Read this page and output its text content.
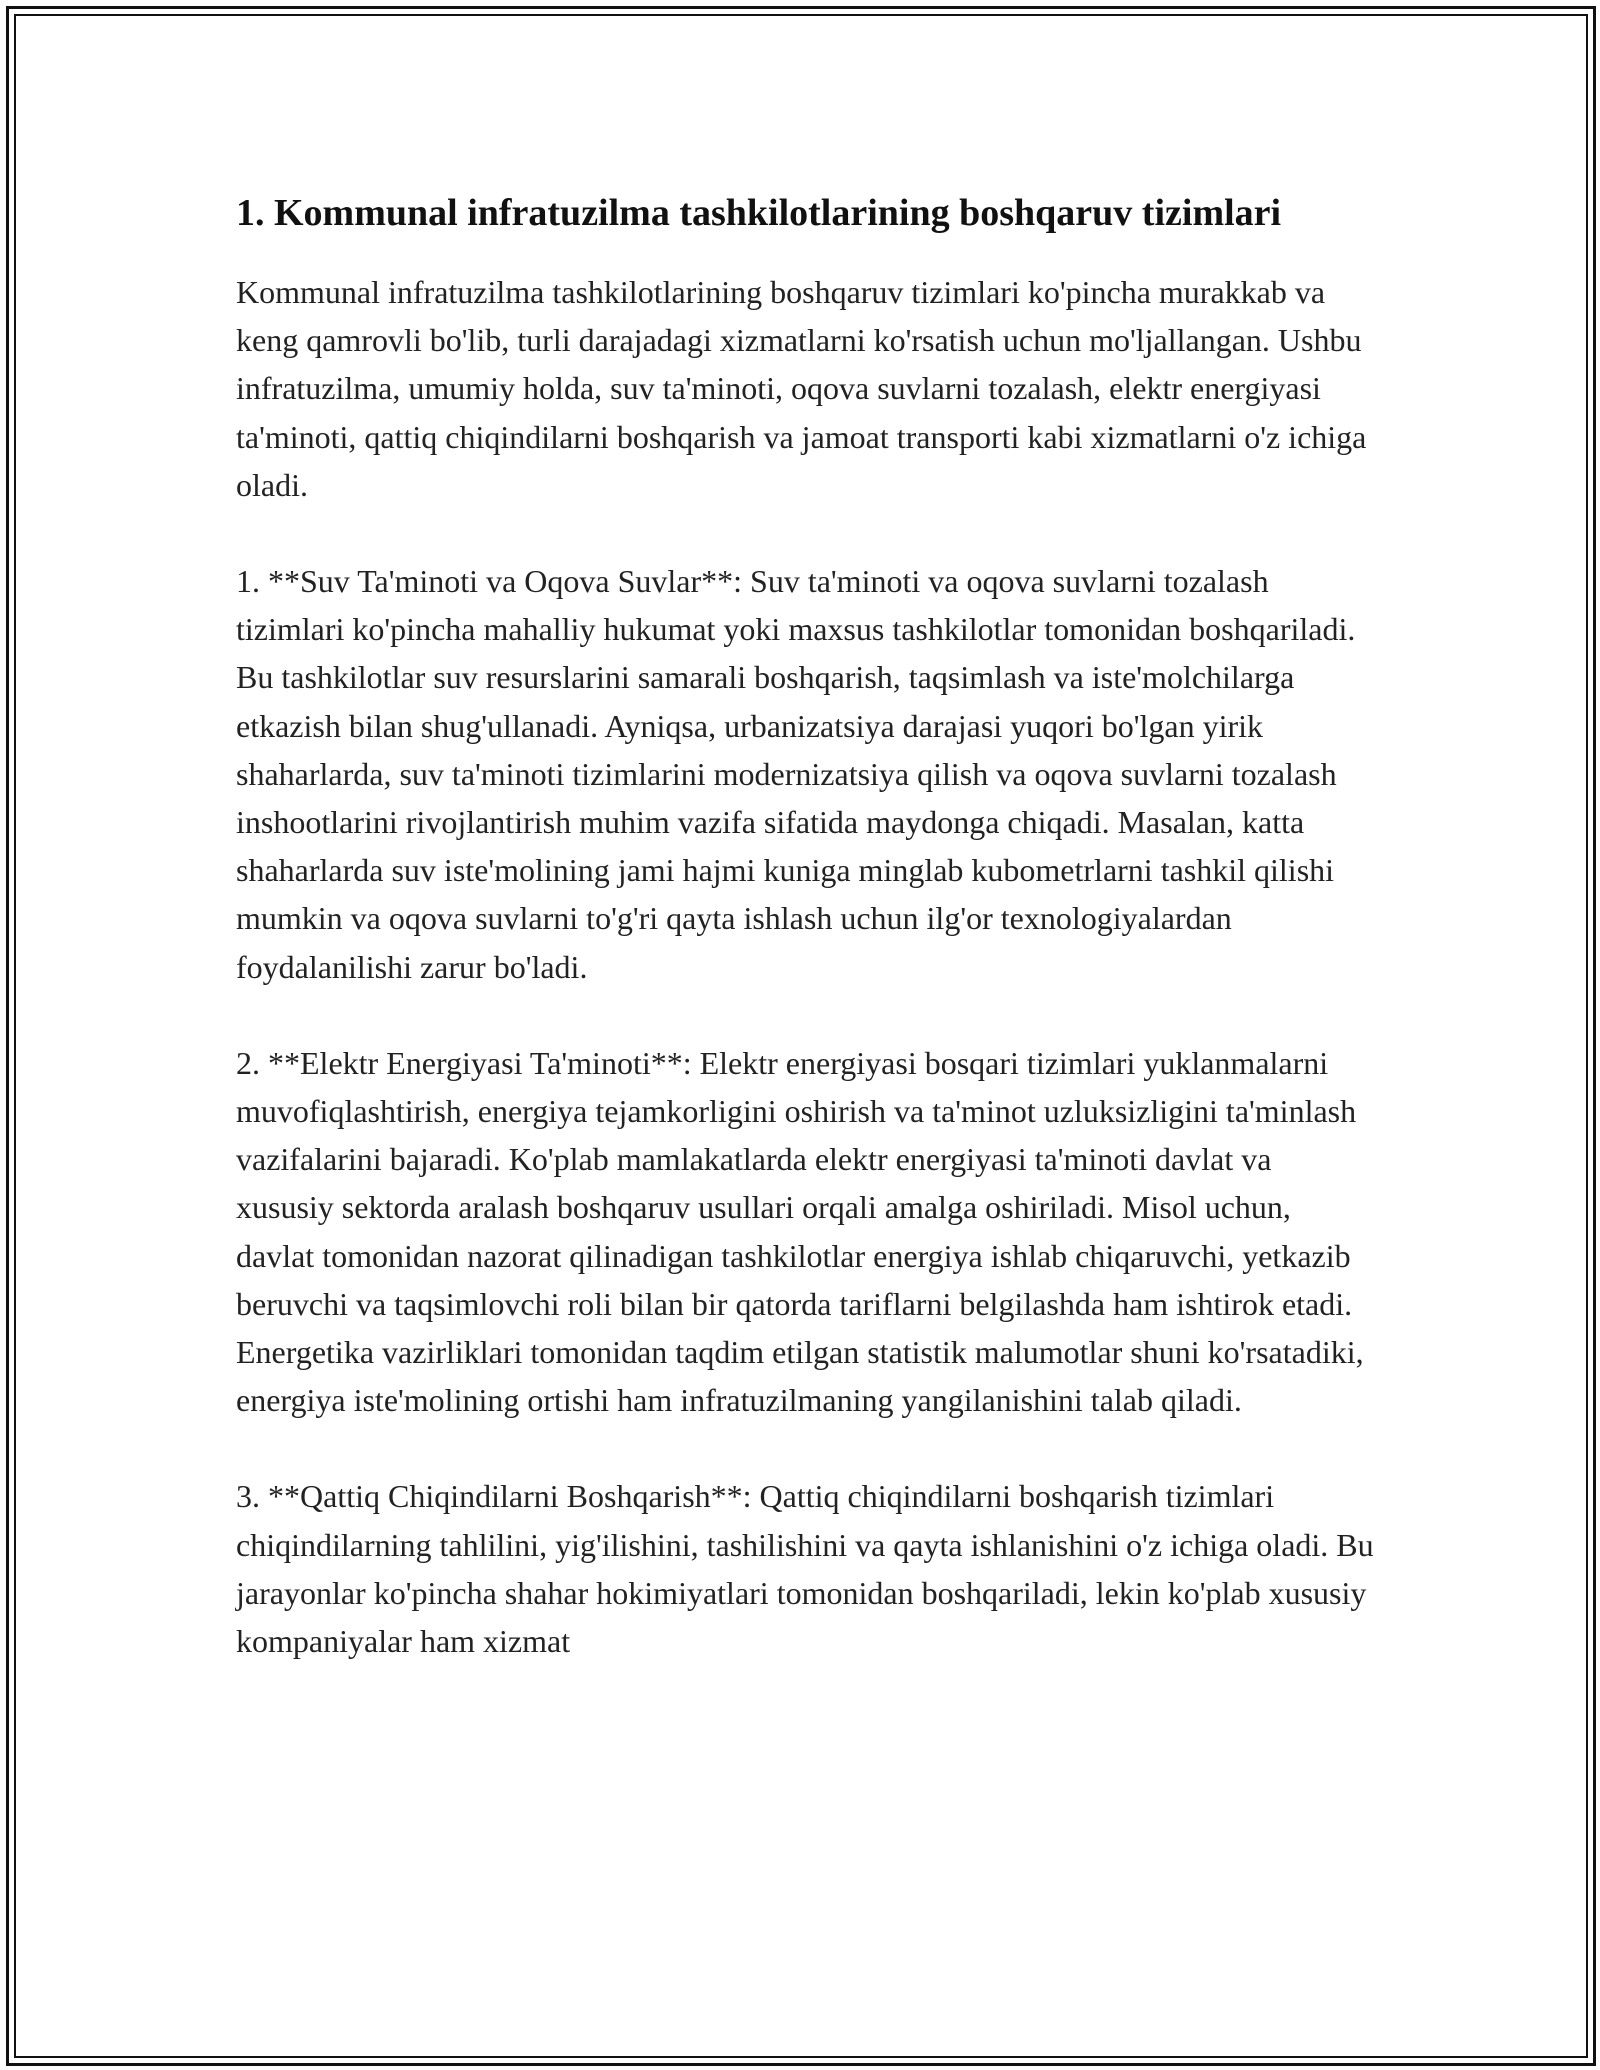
1. Kommunal infratuzilma tashkilotlarining boshqaruv tizimlari

Kommunal infratuzilma tashkilotlarining boshqaruv tizimlari ko'pincha murakkab va keng qamrovli bo'lib, turli darajadagi xizmatlarni ko'rsatish uchun mo'ljallangan. Ushbu infratuzilma, umumiy holda, suv ta'minoti, oqova suvlarni tozalash, elektr energiyasi ta'minoti, qattiq chiqindilarni boshqarish va jamoat transporti kabi xizmatlarni o'z ichiga oladi.

1. **Suv Ta'minoti va Oqova Suvlar**: Suv ta'minoti va oqova suvlarni tozalash tizimlari ko'pincha mahalliy hukumat yoki maxsus tashkilotlar tomonidan boshqariladi. Bu tashkilotlar suv resurslarini samarali boshqarish, taqsimlash va iste'molchilarga etkazish bilan shug'ullanadi. Ayniqsa, urbanizatsiya darajasi yuqori bo'lgan yirik shaharlarda, suv ta'minoti tizimlarini modernizatsiya qilish va oqova suvlarni tozalash inshootlarini rivojlantirish muhim vazifa sifatida maydonga chiqadi. Masalan, katta shaharlarda suv iste'molining jami hajmi kuniga minglab kubometrlarni tashkil qilishi mumkin va oqova suvlarni to'g'ri qayta ishlash uchun ilg'or texnologiyalardan foydalanilishi zarur bo'ladi.

2. **Elektr Energiyasi Ta'minoti**: Elektr energiyasi bosqari tizimlari yuklanmalarni muvofiqlashtirish, energiya tejamkorligini oshirish va ta'minot uzluksizligini ta'minlash vazifalarini bajaradi. Ko'plab mamlakatlarda elektr energiyasi ta'minoti davlat va xususiy sektorda aralash boshqaruv usullari orqali amalga oshiriladi. Misol uchun, davlat tomonidan nazorat qilinadigan tashkilotlar energiya ishlab chiqaruvchi, yetkazib beruvchi va taqsimlovchi roli bilan bir qatorda tariflarni belgilashda ham ishtirok etadi. Energetika vazirliklari tomonidan taqdim etilgan statistik malumotlar shuni ko'rsatadiki, energiya iste'molining ortishi ham infratuzilmaning yangilanishini talab qiladi.

3. **Qattiq Chiqindilarni Boshqarish**: Qattiq chiqindilarni boshqarish tizimlari chiqindilarning tahlilini, yig'ilishini, tashilishini va qayta ishlanishini o'z ichiga oladi. Bu jarayonlar ko'pincha shahar hokimiyatlari tomonidan boshqariladi, lekin ko'plab xususiy kompaniyalar ham xizmat
